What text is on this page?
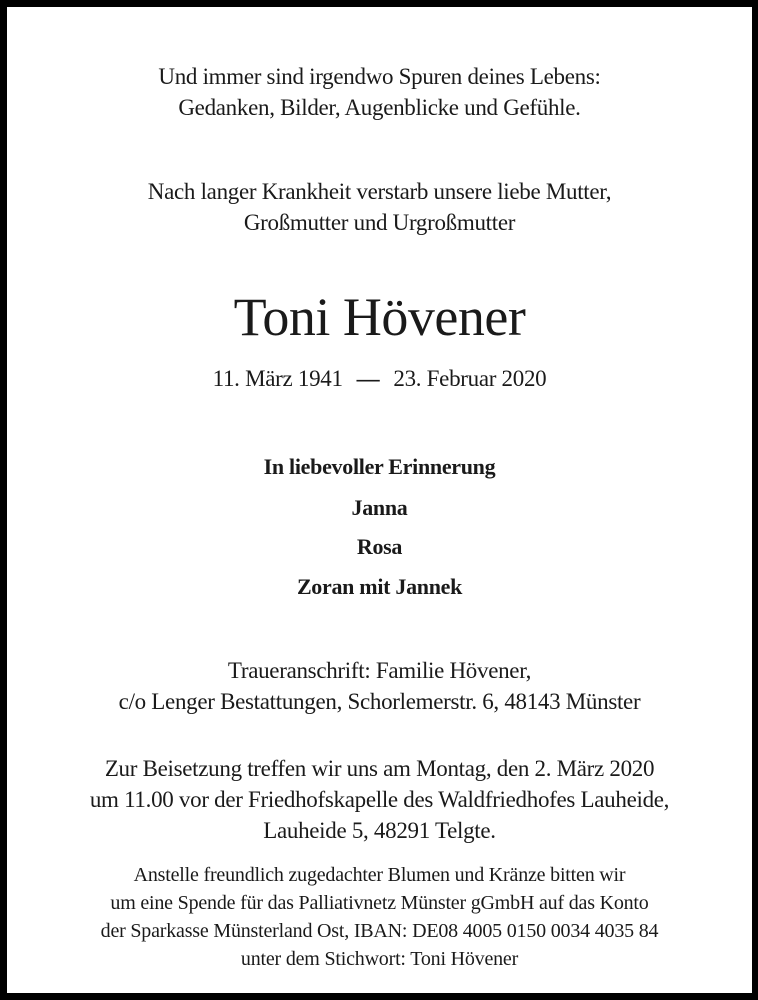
Und immer sind irgendwo Spuren deines Lebens:
Gedanken, Bilder, Augenblicke und Gefühle.
Nach langer Krankheit verstarb unsere liebe Mutter,
Großmutter und Urgroßmutter
Toni Hövener
11. März 1941 — 23. Februar 2020
In liebevoller Erinnerung
Janna
Rosa
Zoran mit Jannek
Traueranschrift: Familie Hövener,
c/o Lenger Bestattungen, Schorlemerstr. 6, 48143 Münster
Zur Beisetzung treffen wir uns am Montag, den 2. März 2020
um 11.00 vor der Friedhofskapelle des Waldfriedhofes Lauheide,
Lauheide 5, 48291 Telgte.
Anstelle freundlich zugedachter Blumen und Kränze bitten wir
um eine Spende für das Palliativnetz Münster gGmbH auf das Konto
der Sparkasse Münsterland Ost, IBAN: DE08 4005 0150 0034 4035 84
unter dem Stichwort: Toni Hövener
